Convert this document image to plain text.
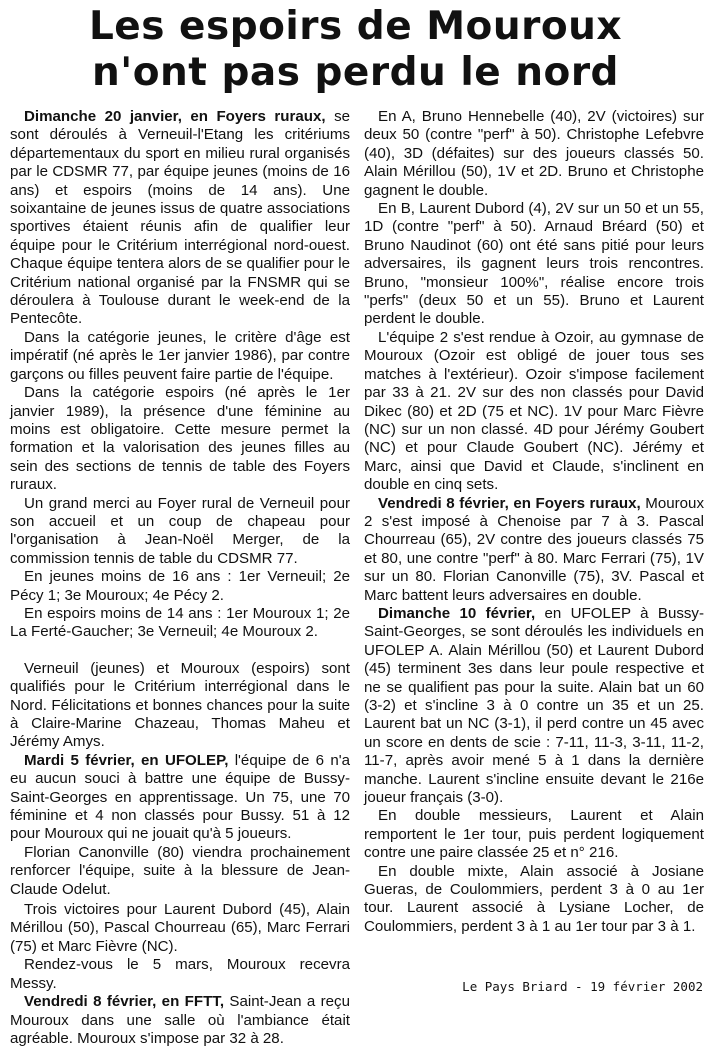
Les espoirs de Mouroux
n'ont pas perdu le nord

Dimanche 20 janvier, en Foyers ruraux, se sont déroulés à Verneuil-l'Etang les critériums départementaux du sport en milieu rural organisés par le CDSMR 77, par équipe jeunes (moins de 16 ans) et espoirs (moins de 14 ans). Une soixantaine de jeunes issus de quatre associations sportives étaient réunis afin de qualifier leur équipe pour le Critérium interrégional nord-ouest. Chaque équipe tentera alors de se qualifier pour le Critérium national organisé par la FNSMR qui se déroulera à Toulouse durant le week-end de la Pentecôte.

Dans la catégorie jeunes, le critère d'âge est impératif (né après le 1er janvier 1986), par contre garçons ou filles peuvent faire partie de l'équipe.

Dans la catégorie espoirs (né après le 1er janvier 1989), la présence d'une féminine au moins est obligatoire. Cette mesure permet la formation et la valorisation des jeunes filles au sein des sections de tennis de table des Foyers ruraux.

Un grand merci au Foyer rural de Verneuil pour son accueil et un coup de chapeau pour l'organisation à Jean-Noël Merger, de la commission tennis de table du CDSMR 77.

En jeunes moins de 16 ans : 1er Verneuil; 2e Pécy 1; 3e Mouroux; 4e Pécy 2.

En espoirs moins de 14 ans : 1er Mouroux 1; 2e La Ferté-Gaucher; 3e Verneuil; 4e Mouroux 2.

Verneuil (jeunes) et Mouroux (espoirs) sont qualifiés pour le Critérium interrégional dans le Nord. Félicitations et bonnes chances pour la suite à Claire-Marine Chazeau, Thomas Maheu et Jérémy Amys.

Mardi 5 février, en UFOLEP, l'équipe de 6 n'a eu aucun souci à battre une équipe de Bussy-Saint-Georges en apprentissage. Un 75, une 70 féminine et 4 non classés pour Bussy. 51 à 12 pour Mouroux qui ne jouait qu'à 5 joueurs.

Florian Canonville (80) viendra prochainement renforcer l'équipe, suite à la blessure de Jean-Claude Odelut.

Trois victoires pour Laurent Dubord (45), Alain Mérillou (50), Pascal Chourreau (65), Marc Ferrari (75) et Marc Fièvre (NC).

Rendez-vous le 5 mars, Mouroux recevra Messy.

Vendredi 8 février, en FFTT, Saint-Jean a reçu Mouroux dans une salle où l'ambiance était agréable. Mouroux s'impose par 32 à 28.

En A, Bruno Hennebelle (40), 2V (victoires) sur deux 50 (contre "perf" à 50). Christophe Lefebvre (40), 3D (défaites) sur des joueurs classés 50. Alain Mérillou (50), 1V et 2D. Bruno et Christophe gagnent le double.

En B, Laurent Dubord (4), 2V sur un 50 et un 55, 1D (contre "perf" à 50). Arnaud Bréard (50) et Bruno Naudinot (60) ont été sans pitié pour leurs adversaires, ils gagnent leurs trois rencontres. Bruno, "monsieur 100%", réalise encore trois "perfs" (deux 50 et un 55). Bruno et Laurent perdent le double.

L'équipe 2 s'est rendue à Ozoir, au gymnase de Mouroux (Ozoir est obligé de jouer tous ses matches à l'extérieur). Ozoir s'impose facilement par 33 à 21. 2V sur des non classés pour David Dikec (80) et 2D (75 et NC). 1V pour Marc Fièvre (NC) sur un non classé. 4D pour Jérémy Goubert (NC) et pour Claude Goubert (NC). Jérémy et Marc, ainsi que David et Claude, s'inclinent en double en cinq sets.

Vendredi 8 février, en Foyers ruraux, Mouroux 2 s'est imposé à Chenoise par 7 à 3. Pascal Chourreau (65), 2V contre des joueurs classés 75 et 80, une contre "perf" à 80. Marc Ferrari (75), 1V sur un 80. Florian Canonville (75), 3V. Pascal et Marc battent leurs adversaires en double.

Dimanche 10 février, en UFOLEP à Bussy-Saint-Georges, se sont déroulés les individuels en UFOLEP A. Alain Mérillou (50) et Laurent Dubord (45) terminent 3es dans leur poule respective et ne se qualifient pas pour la suite. Alain bat un 60 (3-2) et s'incline 3 à 0 contre un 35 et un 25. Laurent bat un NC (3-1), il perd contre un 45 avec un score en dents de scie : 7-11, 11-3, 3-11, 11-2, 11-7, après avoir mené 5 à 1 dans la dernière manche. Laurent s'incline ensuite devant le 216e joueur français (3-0).

En double messieurs, Laurent et Alain remportent le 1er tour, puis perdent logiquement contre une paire classée 25 et n° 216.

En double mixte, Alain associé à Josiane Gueras, de Coulommiers, perdent 3 à 0 au 1er tour. Laurent associé à Lysiane Locher, de Coulommiers, perdent 3 à 1 au 1er tour par 3 à 1.

Le Pays Briard - 19 février 2002
